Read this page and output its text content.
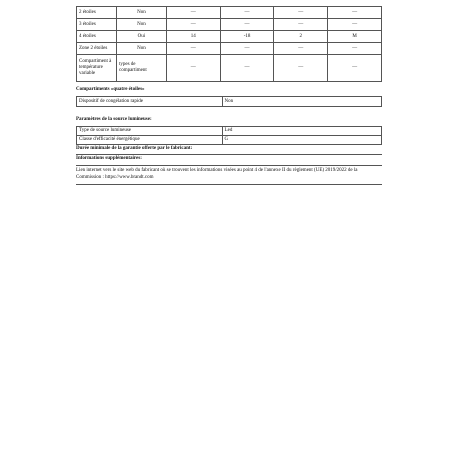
2 étoiles	Non	—	—	—	—
3 étoiles	Non	—	—	—	—
4 étoiles	Oui	14	-18	2	M
Zone 2 étoiles	Non	—	—	—	—
Compartiment à température variable	types de compartiment	—	—	—	—
Compartiments «quatre étoiles»
Dispositif de congélation rapide	Non
Paramètres de la source lumineuse:
Type de source lumineuse	Led
Classe d'efficacité énergétique	G
Durée minimale de la garantie offerte par le fabricant:
Informations supplémentaires:
Lien internet vers le site web du fabricant où se trouvent les informations visées au point 4 de l'annexe II du règlement (UE) 2019/2022 de la Commission : https://www.brandt.com
